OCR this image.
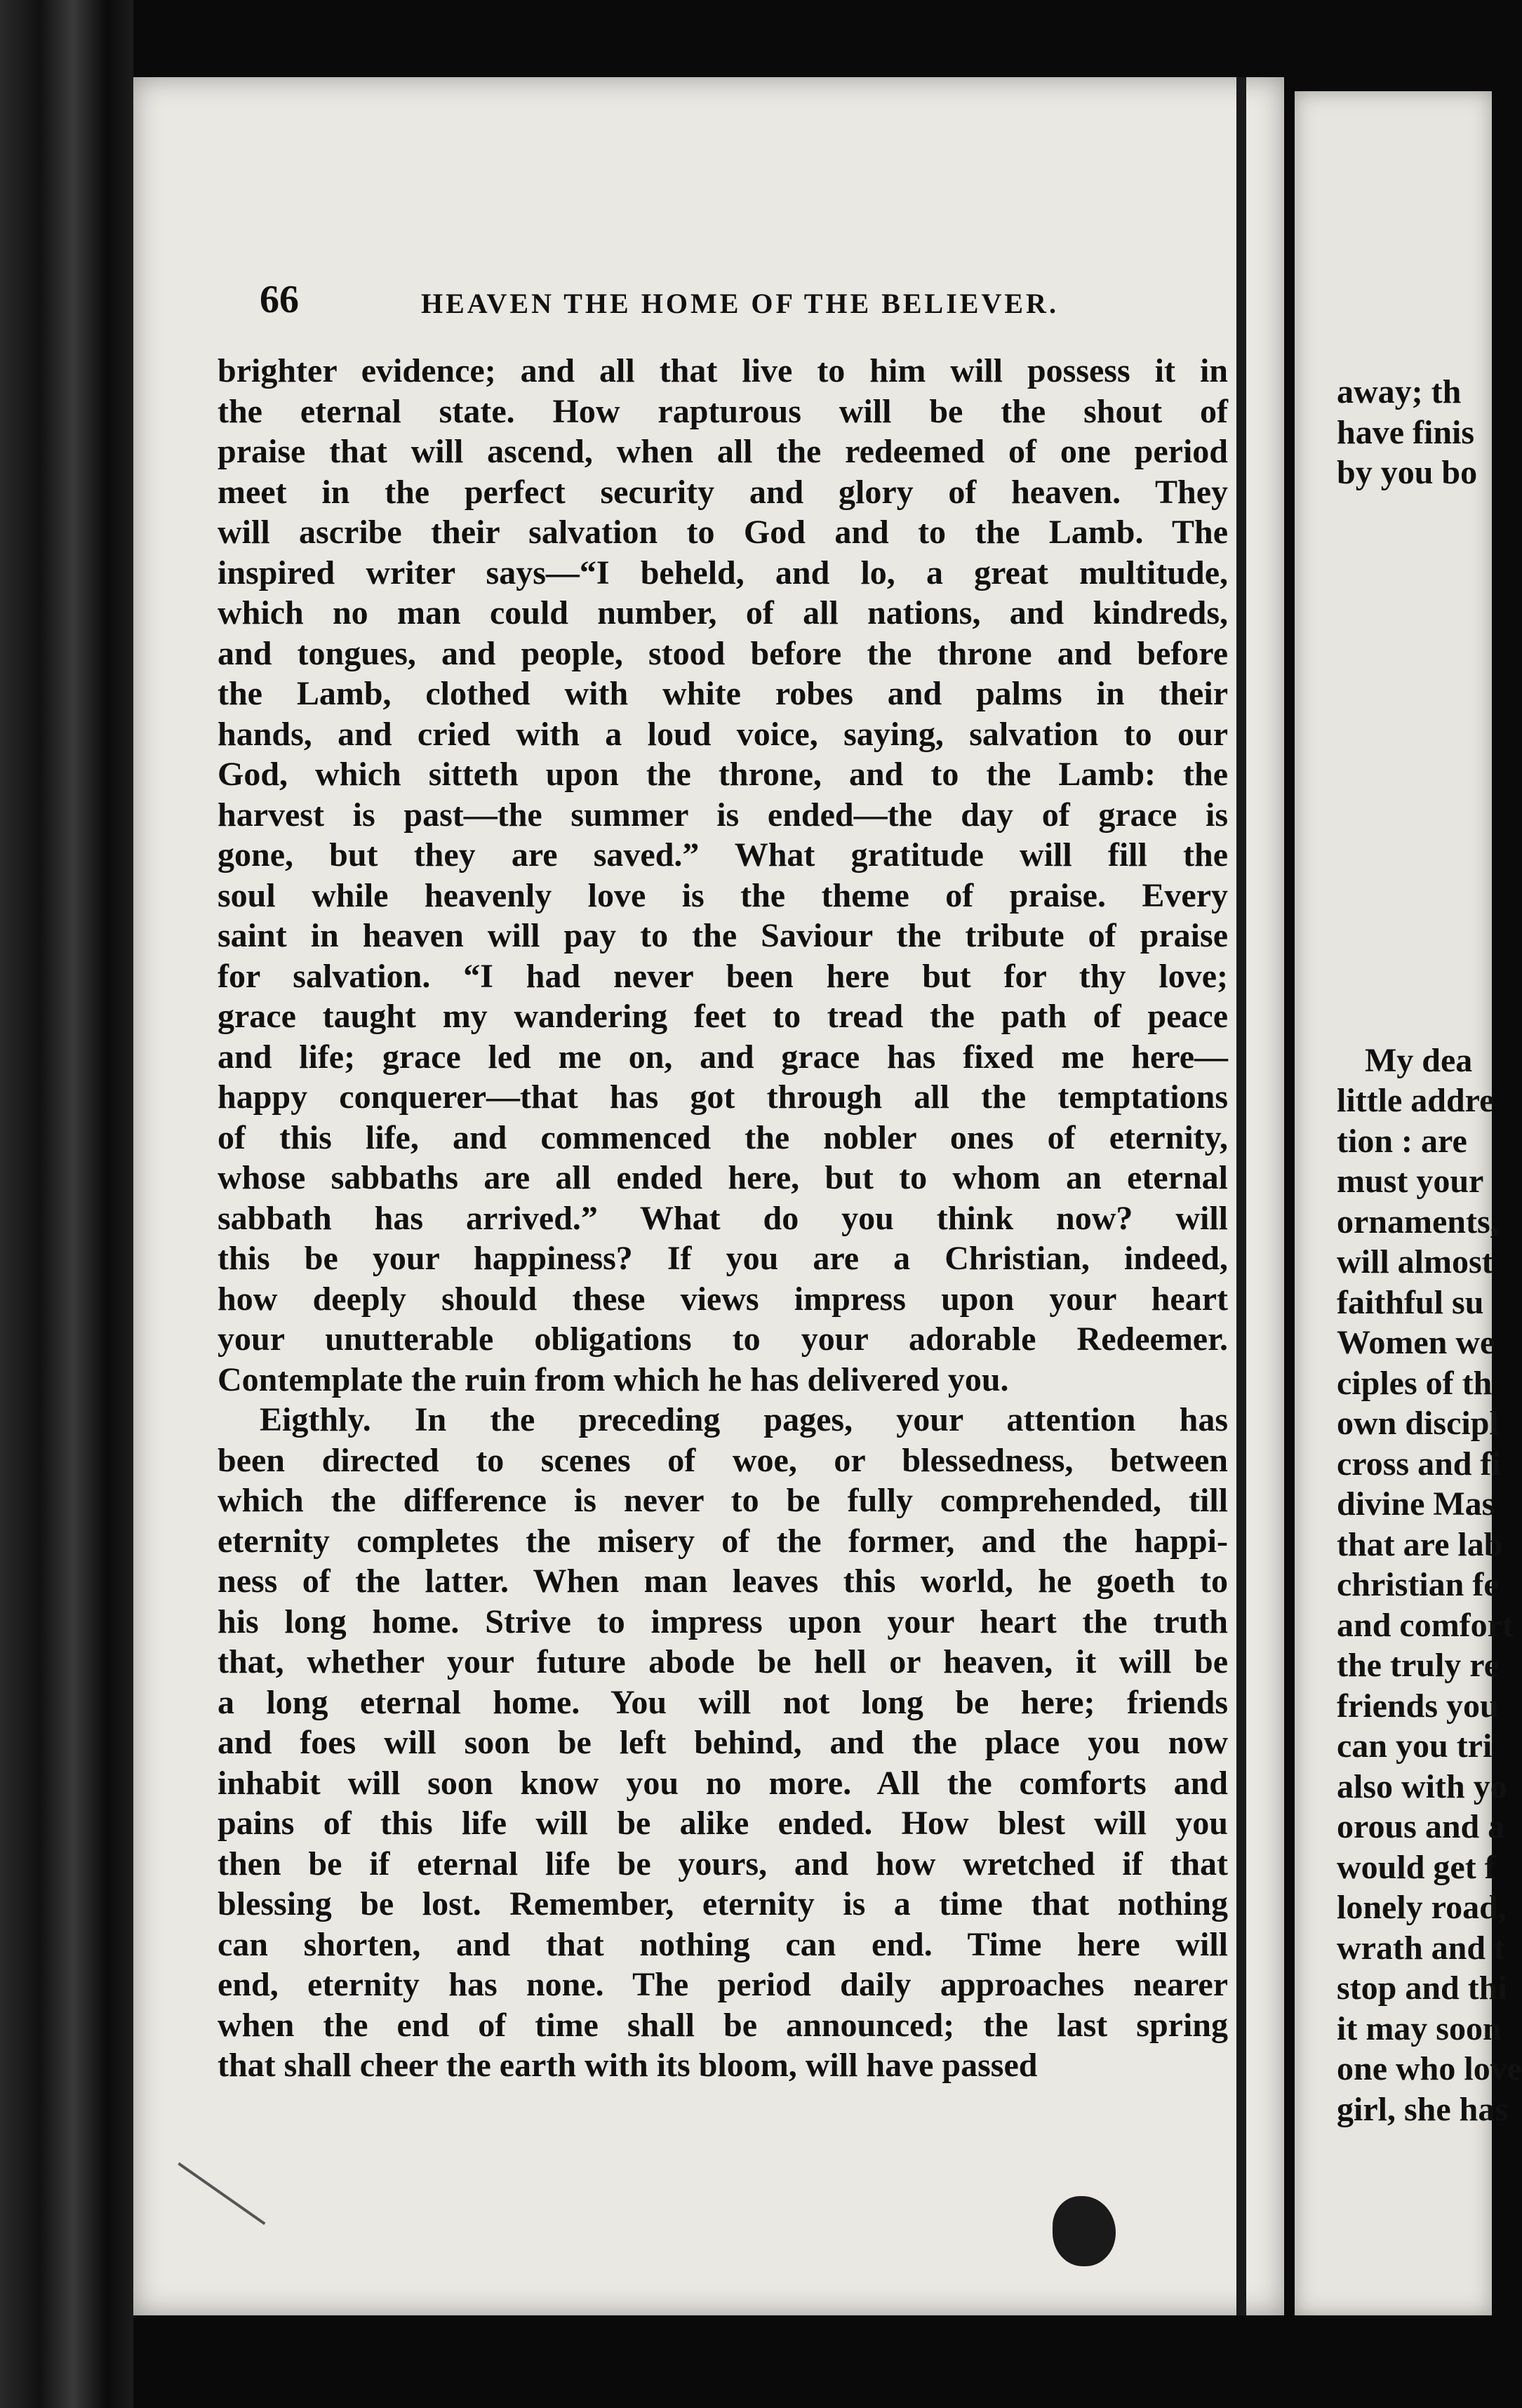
66	HEAVEN THE HOME OF THE BELIEVER.
brighter evidence; and all that live to him will possess it in
the eternal state. How rapturous will be the shout of
praise that will ascend, when all the redeemed of one period
meet in the perfect security and glory of heaven. They
will ascribe their salvation to God and to the Lamb. The
inspired writer says—“I beheld, and lo, a great multitude,
which no man could number, of all nations, and kindreds,
and tongues, and people, stood before the throne and before
the Lamb, clothed with white robes and palms in their
hands, and cried with a loud voice, saying, salvation to our
God, which sitteth upon the throne, and to the Lamb: the
harvest is past—the summer is ended—the day of grace is
gone, but they are saved.” What gratitude will fill the
soul while heavenly love is the theme of praise. Every
saint in heaven will pay to the Saviour the tribute of praise
for salvation. “I had never been here but for thy love;
grace taught my wandering feet to tread the path of peace
and life; grace led me on, and grace has fixed me here—
happy conquerer—that has got through all the temptations
of this life, and commenced the nobler ones of eternity,
whose sabbaths are all ended here, but to whom an eternal
sabbath has arrived.” What do you think now? will
this be your happiness? If you are a Christian, indeed,
how deeply should these views impress upon your heart
your unutterable obligations to your adorable Redeemer.
Contemplate the ruin from which he has delivered you.
Eigthly. In the preceding pages, your attention has
been directed to scenes of woe, or blessedness, between
which the difference is never to be fully comprehended, till
eternity completes the misery of the former, and the happi-
ness of the latter. When man leaves this world, he goeth to
his long home. Strive to impress upon your heart the truth
that, whether your future abode be hell or heaven, it will be
a long eternal home. You will not long be here; friends
and foes will soon be left behind, and the place you now
inhabit will soon know you no more. All the comforts and
pains of this life will be alike ended. How blest will you
then be if eternal life be yours, and how wretched if that
blessing be lost. Remember, eternity is a time that nothing
can shorten, and that nothing can end. Time here will
end, eternity has none. The period daily approaches nearer
when the end of time shall be announced; the last spring
that shall cheer the earth with its bloom, will have passed
away; th
have finis
by you bo
My dea
little addre
tion : are
must your
ornaments,
will almost
faithful su
Women we
ciples of th
own discipl
cross and fi
divine Mas
that are lab
christian fe
and comfort
the truly re
friends you
can you tri
also with yo
orous and a
would get f
lonely road,
wrath and t
stop and thi
it may soon
one who love
girl, she has
